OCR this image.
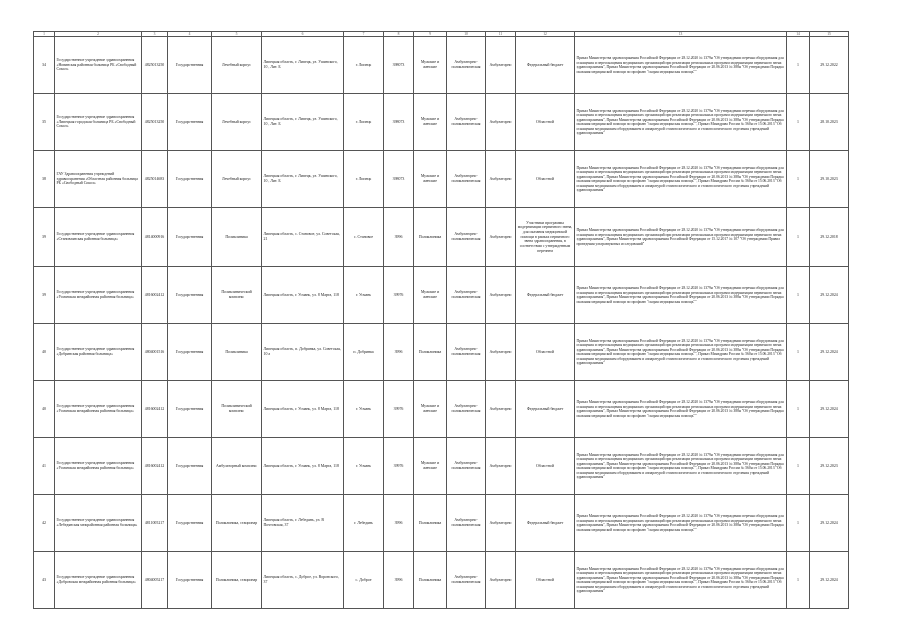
1	2	3	4	5	6	7	8	9	10	11	12	13	14	15
34	Государственное учреждение здравоохранения «Новинская районная больница РБ «Свободный Сокол»	4825013250	Государственная	Лечебный корпус	Липецкая область, г. Липецк, ул. Ушинского, 10 , Лит. Б	г. Липецк	398073	Мужские и женские	Амбулаторно-поликлиническая	Амбулаторно	Федеральный бюджет	Приказ Министерства здравоохранения Российской Федерации от 28.12.2020 № 1379н "Об утверждении перечня оборудования для оснащения и переоснащения медицинских организаций при реализации региональных программ модернизации первичного звена здравоохранения", Приказ Министерства здравоохранения Российской Федерации от 20.06.2013 № 388н "Об утверждении Порядка оказания медицинской помощи по профилю "скорая медицинская помощь""	1	29.12.2022
35	Государственное учреждение здравоохранения «Липецкая городская больница РБ «Свободный Сокол»	4825013250	Государственная	Лечебный корпус	Липецкая область, г. Липецк, ул. Ушинского, 10 , Лит. Б	г. Липецк	398073	Мужские и женские	Амбулаторно-поликлиническая	Амбулаторно	Областной	Приказ Министерства здравоохранения Российской Федерации от 28.12.2020 № 1379н "Об утверждении перечня оборудования для оснащения и переоснащения медицинских организаций при реализации региональных программ модернизации первичного звена здравоохранения", Приказ Министерства здравоохранения Российской Федерации от 20.06.2013 № 388н "Об утверждении Порядка оказания медицинской помощи по профилю "скорая медицинская помощь"", Приказ Минздрава России № 560н от 15.06.2013 "Об оснащении медицинским оборудованием и аппаратурой стоматологического и стоматологического отделения учреждений здравоохранения"	1	28.10.2023
38	ГАУ Здравоохранения учреждений здравоохранения «Областная районная больница РБ «Свободный Сокол»	4825014683	Государственная	Лечебный корпус	Липецкая область, г. Липецк, ул. Ушинского, 10 , Лит. Б	г. Липецк	398073	Мужские и женские	Амбулаторно-поликлиническая	Амбулаторно	Областной	Приказ Министерства здравоохранения Российской Федерации от 28.12.2020 № 1379н "Об утверждении перечня оборудования для оснащения и переоснащения медицинских организаций при реализации региональных программ модернизации первичного звена здравоохранения", Приказ Министерства здравоохранения Российской Федерации от 20.06.2013 № 388н "Об утверждении Порядка оказания медицинской помощи по профилю "скорая медицинская помощь"", Приказ Минздрава России № 560н от 15.06.2013 "Об оснащении медицинским оборудованием и аппаратурой стоматологического и стоматологического отделения учреждений здравоохранения"	1	29.10.2023
39	Государственное учреждение здравоохранения «Становлянская районная больница»	4814000916	Государственная	Поликлиника	Липецкая область, с. Становое, ул. Советская, 21	с. Становое	3996	Поликлиника	Амбулаторно-поликлиническая	Амбулаторно	Участники программы модернизации первичного звена, для оказания медицинской помощи в рамках первичного звена здравоохранения, в соответствии с утвержденным перечнем	Приказ Министерства здравоохранения Российской Федерации от 28.12.2020 № 1379н "Об утверждении перечня оборудования для оснащения и переоснащения медицинских организаций при реализации региональных программ модернизации первичного звена здравоохранения", Приказ Министерства здравоохранения Российской Федерации от 15.12.2017 № 107 "Об утверждении Правил проведения ультразвуковых исследований"	1	29.12.2018
39	Государственное учреждение здравоохранения «Усманская межрайонная районная больница»	4816002412	Государственная	Поликлинический комплекс	Липецкая область, г. Усмань, ул. 8 Марта, 118	г. Усмань	39976	Мужские и женские	Амбулаторно-поликлиническая	Амбулаторно	Федеральный бюджет	Приказ Министерства здравоохранения Российской Федерации от 28.12.2020 № 1379н "Об утверждении перечня оборудования для оснащения и переоснащения медицинских организаций при реализации региональных программ модернизации первичного звена здравоохранения", Приказ Министерства здравоохранения Российской Федерации от 20.06.2013 № 388н "Об утверждении Порядка оказания медицинской помощи по профилю "скорая медицинская помощь""	1	29.12.2024
40	Государственное учреждение здравоохранения «Добринская районная больница»	4804001516	Государственная	Поликлиника	Липецкая область, п. Добринка, ул. Советская, 10 а	п. Добринка	3996	Поликлиника	Амбулаторно-поликлиническая	Амбулаторно	Областной	Приказ Министерства здравоохранения Российской Федерации от 28.12.2020 № 1379н "Об утверждении перечня оборудования для оснащения и переоснащения медицинских организаций при реализации региональных программ модернизации первичного звена здравоохранения", Приказ Министерства здравоохранения Российской Федерации от 20.06.2013 № 388н "Об утверждении Порядка оказания медицинской помощи по профилю "скорая медицинская помощь"", Приказ Минздрава России № 560н от 15.06.2013 "Об оснащении медицинским оборудованием и аппаратурой стоматологического и стоматологического отделения учреждений здравоохранения"	1	29.12.2024
40	Государственное учреждение здравоохранения «Усманская межрайонная районная больница»	4816002412	Государственная	Поликлинический комплекс	Липецкая область, г. Усмань, ул. 8 Марта, 118	г. Усмань	39976	Мужские и женские	Амбулаторно-поликлиническая	Амбулаторно	Федеральный бюджет	Приказ Министерства здравоохранения Российской Федерации от 28.12.2020 № 1379н "Об утверждении перечня оборудования для оснащения и переоснащения медицинских организаций при реализации региональных программ модернизации первичного звена здравоохранения", Приказ Министерства здравоохранения Российской Федерации от 20.06.2013 № 388н "Об утверждении Порядка оказания медицинской помощи по профилю "скорая медицинская помощь""	1	29.12.2024
41	Государственное учреждение здравоохранения «Усманская межрайонная районная больница»	4816002412	Государственная	Амбулаторный комплекс	Липецкая область, г. Усмань, ул. 8 Марта, 118	г. Усмань	39976	Мужские и женские	Амбулаторно-поликлиническая	Амбулаторно	Областной	Приказ Министерства здравоохранения Российской Федерации от 28.12.2020 № 1379н "Об утверждении перечня оборудования для оснащения и переоснащения медицинских организаций при реализации региональных программ модернизации первичного звена здравоохранения", Приказ Министерства здравоохранения Российской Федерации от 20.06.2013 № 388н "Об утверждении Порядка оказания медицинской помощи по профилю "скорая медицинская помощь"", Приказ Минздрава России № 560н от 15.06.2013 "Об оснащении медицинским оборудованием и аппаратурой стоматологического и стоматологического отделения учреждений здравоохранения"	1	29.12.2023
42	Государственное учреждение здравоохранения «Лебедянская межрайонная районная больница»	4811005217	Государственная	Поликлиника, стационар	Липецкая область, г. Лебедянь, ул. В Почтовская, 37	г. Лебедянь	3996	Поликлиника	Амбулаторно-поликлиническая	Амбулаторно	Федеральный бюджет	Приказ Министерства здравоохранения Российской Федерации от 28.12.2020 № 1379н "Об утверждении перечня оборудования для оснащения и переоснащения медицинских организаций при реализации региональных программ модернизации первичного звена здравоохранения", Приказ Министерства здравоохранения Российской Федерации от 20.06.2013 № 388н "Об утверждении Порядка оказания медицинской помощи по профилю "скорая медицинская помощь""	1	29.12.2024
43	Государственное учреждение здравоохранения «Добровская межрайонная районная больница»	4804005217	Государственная	Поликлиника, стационар	Липецкая область, с. Доброе, ул. Воронского, 37	с. Доброе	3996	Поликлиника	Амбулаторно-поликлиническая	Амбулаторно	Областной	Приказ Министерства здравоохранения Российской Федерации от 28.12.2020 № 1379н "Об утверждении перечня оборудования для оснащения и переоснащения медицинских организаций при реализации региональных программ модернизации первичного звена здравоохранения", Приказ Министерства здравоохранения Российской Федерации от 20.06.2013 № 388н "Об утверждении Порядка оказания медицинской помощи по профилю "скорая медицинская помощь"", Приказ Минздрава России № 560н от 15.06.2013 "Об оснащении медицинским оборудованием и аппаратурой стоматологического и стоматологического отделения учреждений здравоохранения"	1	29.12.2024
